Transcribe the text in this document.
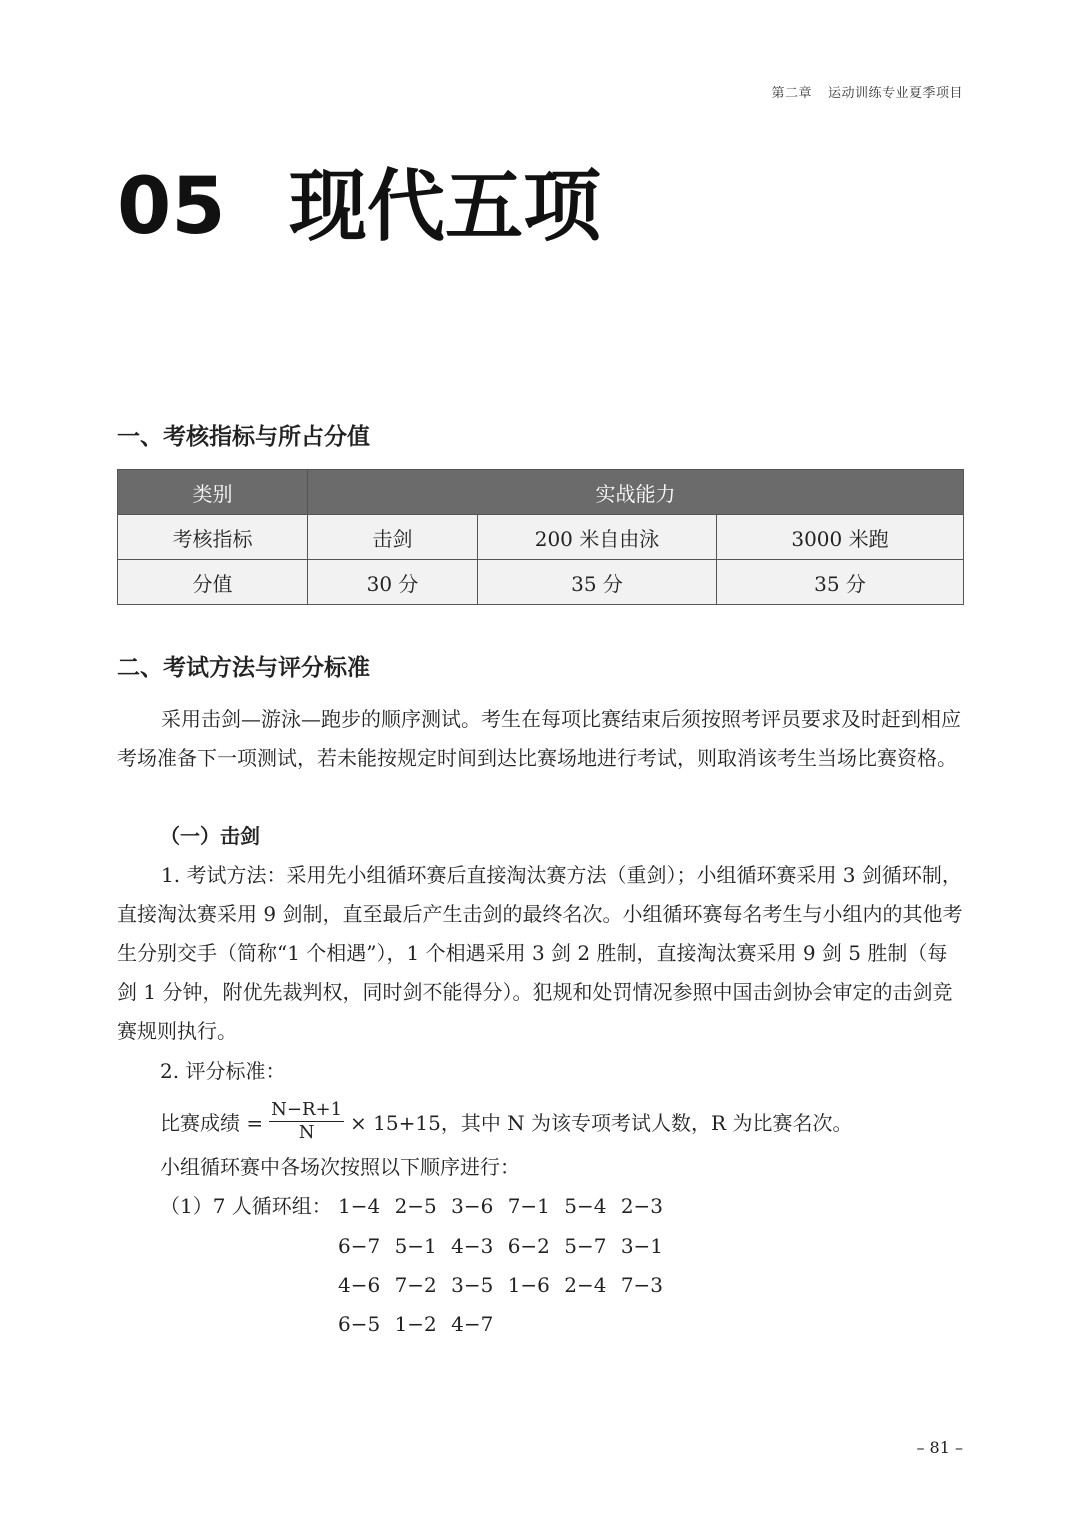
第二章 运动训练专业夏季项目
05 现代五项
一、考核指标与所占分值
类别	实战能力		
考核指标	击剑	200 米自由泳	3000 米跑
分值	30 分	35 分	35 分
二、考试方法与评分标准
采用击剑—游泳—跑步的顺序测试。考生在每项比赛结束后须按照考评员要求及时赶到相应考场准备下一项测试，若未能按规定时间到达比赛场地进行考试，则取消该考生当场比赛资格。
（一）击剑
1. 考试方法：采用先小组循环赛后直接淘汰赛方法（重剑）；小组循环赛采用 3 剑循环制，直接淘汰赛采用 9 剑制，直至最后产生击剑的最终名次。小组循环赛每名考生与小组内的其他考生分别交手（简称“1 个相遇”），1 个相遇采用 3 剑 2 胜制，直接淘汰赛采用 9 剑 5 胜制（每剑 1 分钟，附优先裁判权，同时剑不能得分）。犯规和处罚情况参照中国击剑协会审定的击剑竞赛规则执行。
2. 评分标准：
比赛成绩 = $\frac{N-R+1}{N} \times 15+15$，其中 N 为该专项考试人数，R 为比赛名次。
小组循环赛中各场次按照以下顺序进行：
（1）7 人循环组： 1−4 2−5 3−6 7−1 5−4 2−3
6−7 5−1 4−3 6−2 5−7 3−1
4−6 7−2 3−5 1−6 2−4 7−3
6−5 1−2 4−7
– 81 –
